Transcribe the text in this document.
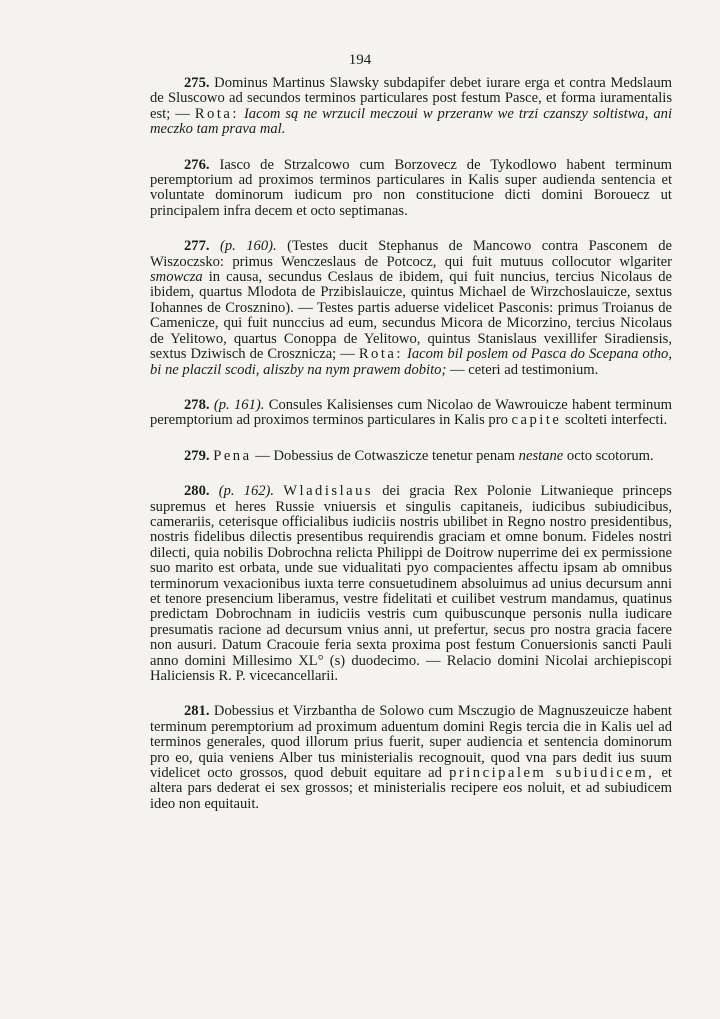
194

275. Dominus Martinus Slawsky subdapifer debet iurare erga et contra Medslaum de Sluscowo ad secundos terminos particulares post festum Pasce, et forma iuramentalis est; — Rota: Iacom są ne wrzucil meczoui w przeranw we trzi czanszy soltistwa, ani meczko tam prava mal.

276. Iasco de Strzalcowo cum Borzovecz de Tykodlowo habent terminum peremptorium ad proximos terminos particulares in Kalis super audienda sentencia et voluntate dominorum iudicum pro non constitucione dicti domini Borouecz ut principalem infra decem et octo septimanas.

277. (p. 160). (Testes ducit Stephanus de Mancowo contra Pasconem de Wiszoczsko: primus Wenczeslaus de Potcocz, qui fuit mutuus collocutor wlgariter smowcza in causa, secundus Ceslaus de ibidem, qui fuit nuncius, tercius Nicolaus de ibidem, quartus Mlodota de Przibislauicze, quintus Michael de Wirzchoslauicze, sextus Iohannes de Crosznino). — Testes partis aduerse videlicet Pasconis: primus Troianus de Camenicze, qui fuit nunccius ad eum, secundus Micora de Micorzino, tercius Nicolaus de Yelitowo, quartus Conoppa de Yelitowo, quintus Stanislaus vexillifer Siradiensis, sextus Dziwisch de Crosznicza; — Rota: Iacom bil poslem od Pasca do Scepana otho, bi ne placzil scodi, aliszby na nym prawem dobito; — ceteri ad testimonium.

278. (p. 161). Consules Kalisienses cum Nicolao de Wawrouicze habent terminum peremptorium ad proximos terminos particulares in Kalis pro capite scolteti interfecti.

279. Pena — Dobessius de Cotwaszicze tenetur penam nestane octo scotorum.

280. (p. 162). Wladislaus dei gracia Rex Polonie Litwanieque princeps supremus et heres Russie vniuersis et singulis capitaneis, iudicibus subiudicibus, camerariis, ceterisque officialibus iudiciis nostris ubilibet in Regno nostro presidentibus, nostris fidelibus dilectis presentibus requirendis graciam et omne bonum. Fideles nostri dilecti, quia nobilis Dobrochna relicta Philippi de Doitrow nuperrime dei ex permissione suo marito est orbata, unde sue vidualitati pyo compacientes affectu ipsam ab omnibus terminorum vexacionibus iuxta terre consuetudinem absoluimus ad unius decursum anni et tenore presencium liberamus, vestre fidelitati et cuilibet vestrum mandamus, quatinus predictam Dobrochnam in iudiciis vestris cum quibuscunque personis nulla iudicare presumatis racione ad decursum vnius anni, ut prefertur, secus pro nostra gracia facere non ausuri. Datum Cracouie feria sexta proxima post festum Conuersionis sancti Pauli anno domini Millesimo XL° (s) duodecimo. — Relacio domini Nicolai archiepiscopi Haliciensis R. P. vicecancellarii.

281. Dobessius et Virzbantha de Solowo cum Msczugio de Magnuszeuicze habent terminum peremptorium ad proximum aduentum domini Regis tercia die in Kalis uel ad terminos generales, quod illorum prius fuerit, super audiencia et sentencia dominorum pro eo, quia veniens Alber tus ministerialis recognouit, quod vna pars dedit ius suum videlicet octo grossos, quod debuit equitare ad principalem subiudicem, et altera pars dederat ei sex grossos; et ministerialis recipere eos noluit, et ad subiudicem ideo non equitauit.
